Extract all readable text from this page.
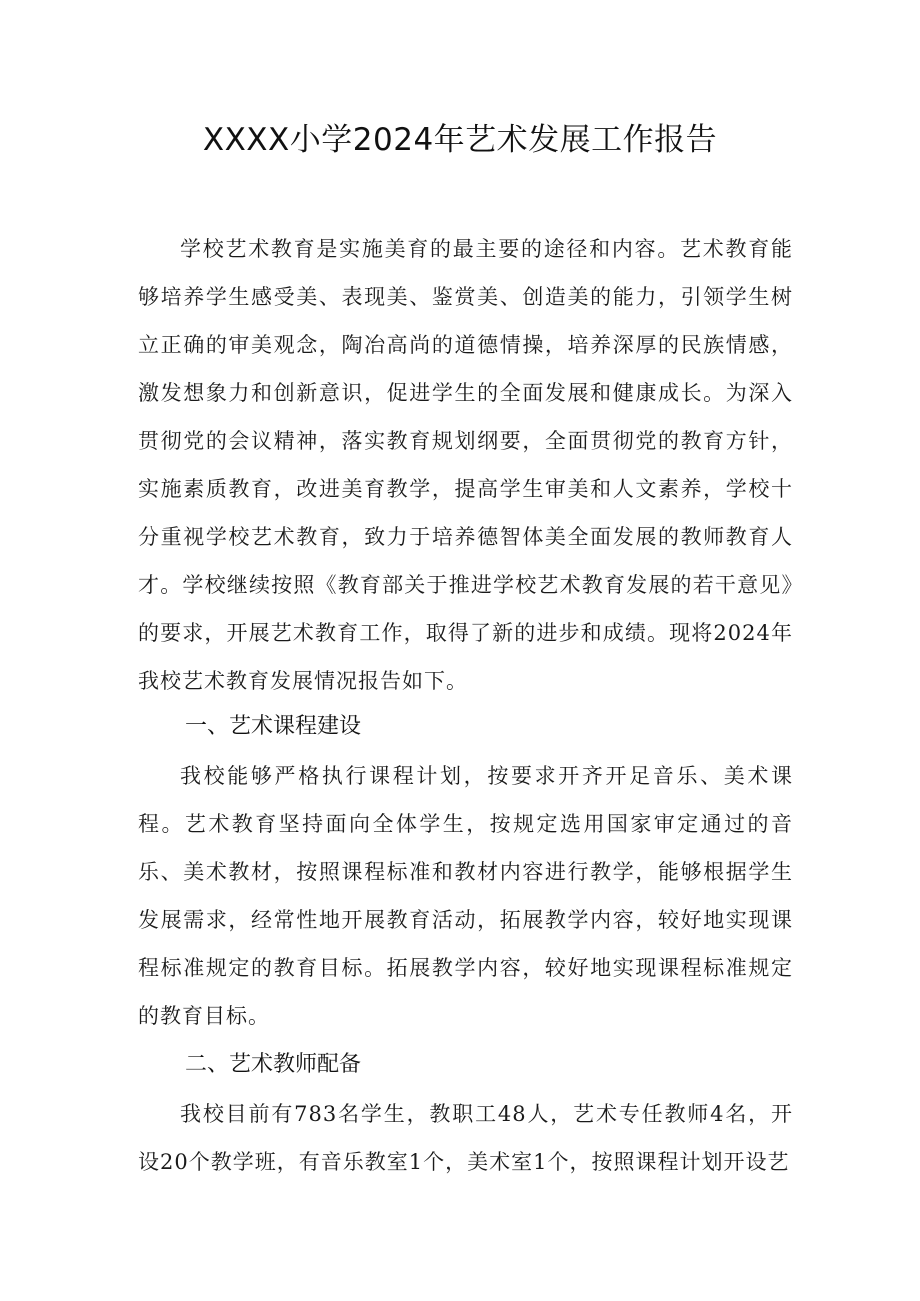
XXXX小学2024年艺术发展工作报告

学校艺术教育是实施美育的最主要的途径和内容。艺术教育能够培养学生感受美、表现美、鉴赏美、创造美的能力，引领学生树立正确的审美观念，陶冶高尚的道德情操，培养深厚的民族情感，激发想象力和创新意识，促进学生的全面发展和健康成长。为深入贯彻党的会议精神，落实教育规划纲要，全面贯彻党的教育方针，实施素质教育，改进美育教学，提高学生审美和人文素养，学校十分重视学校艺术教育，致力于培养德智体美全面发展的教师教育人才。学校继续按照《教育部关于推进学校艺术教育发展的若干意见》的要求，开展艺术教育工作，取得了新的进步和成绩。现将2024年我校艺术教育发展情况报告如下。

一、艺术课程建设

我校能够严格执行课程计划，按要求开齐开足音乐、美术课程。艺术教育坚持面向全体学生，按规定选用国家审定通过的音乐、美术教材，按照课程标准和教材内容进行教学，能够根据学生发展需求，经常性地开展教育活动，拓展教学内容，较好地实现课程标准规定的教育目标。拓展教学内容，较好地实现课程标准规定的教育目标。

二、艺术教师配备

我校目前有783名学生，教职工48人，艺术专任教师4名，开设20个教学班，有音乐教室1个，美术室1个，按照课程计划开设艺
